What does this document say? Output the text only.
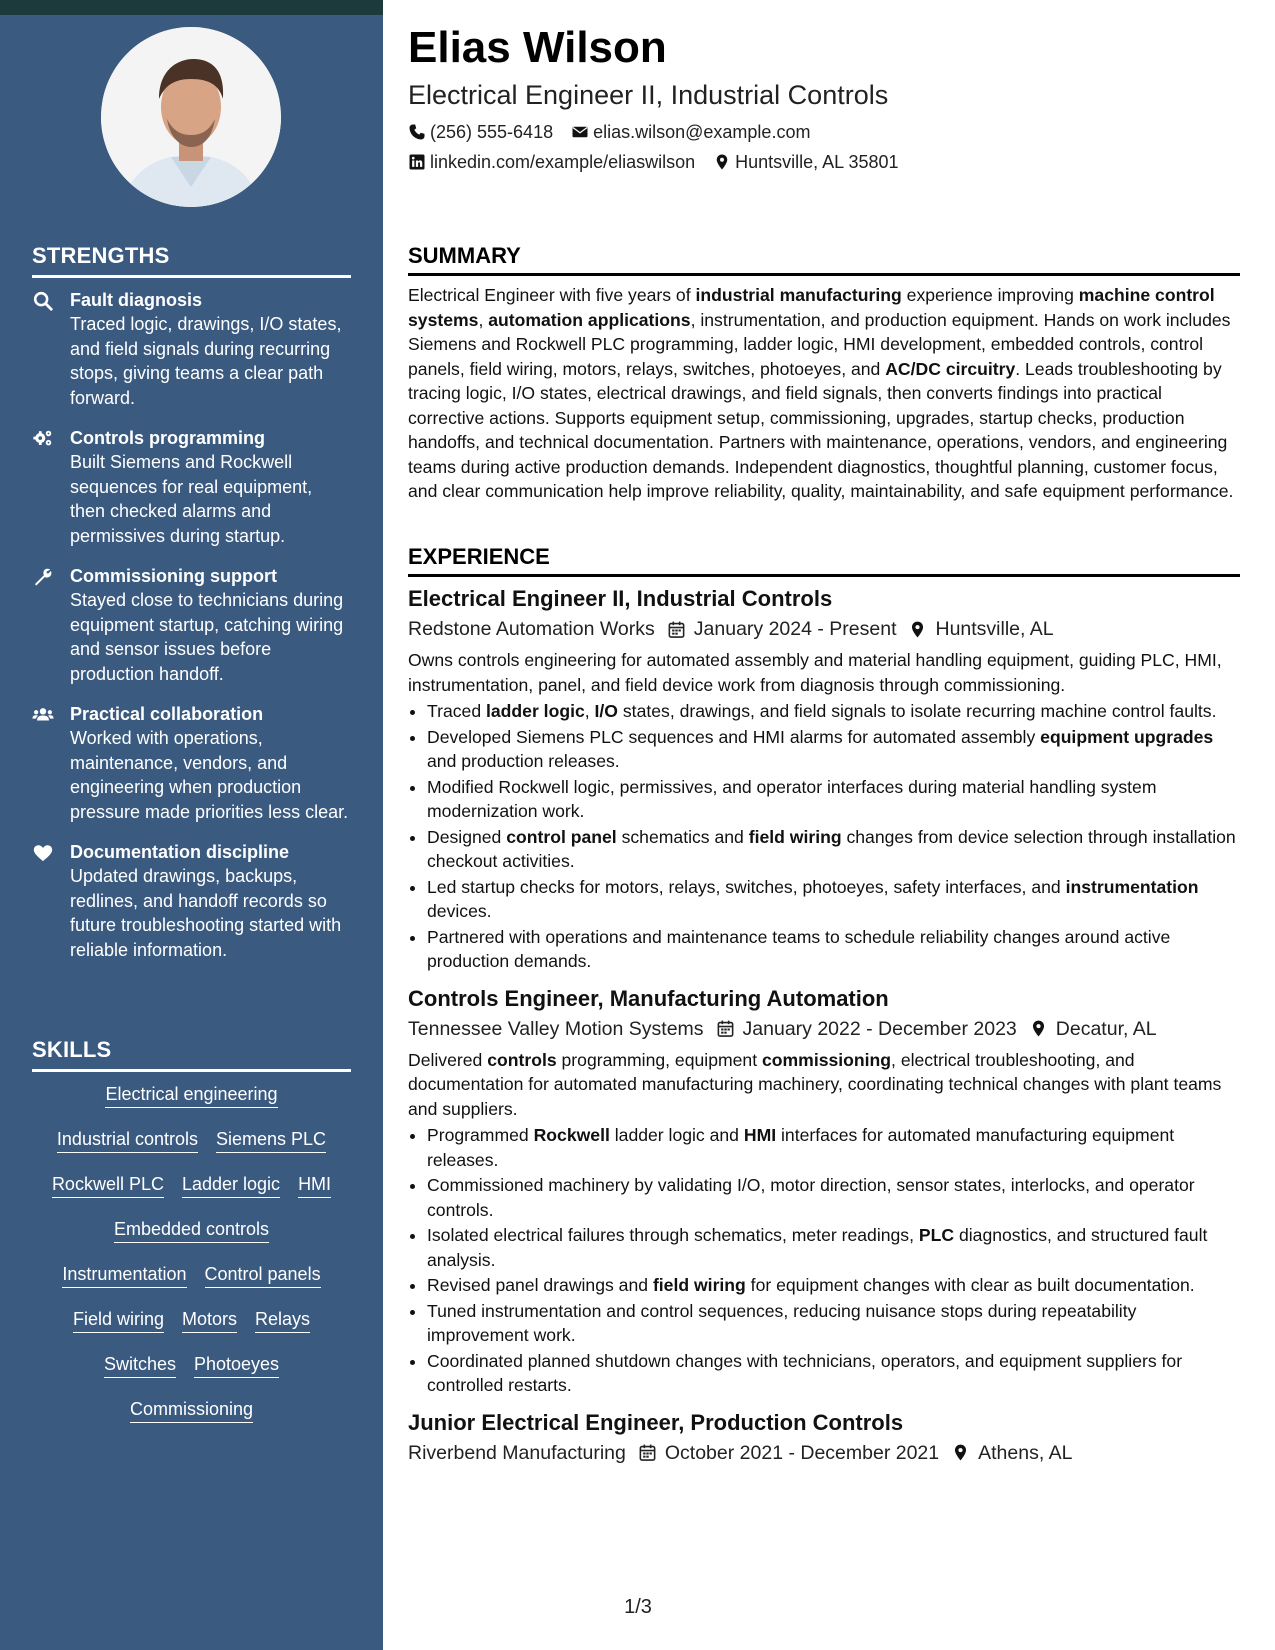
STRENGTHS
Fault diagnosis
Traced logic, drawings, I/O states, and field signals during recurring stops, giving teams a clear path forward.
Controls programming
Built Siemens and Rockwell sequences for real equipment, then checked alarms and permissives during startup.
Commissioning support
Stayed close to technicians during equipment startup, catching wiring and sensor issues before production handoff.
Practical collaboration
Worked with operations, maintenance, vendors, and engineering when production pressure made priorities less clear.
Documentation discipline
Updated drawings, backups, redlines, and handoff records so future troubleshooting started with reliable information.
SKILLS
Electrical engineering
Industrial controls Siemens PLC
Rockwell PLC Ladder logic HMI
Embedded controls
Instrumentation Control panels
Field wiring Motors Relays
Switches Photoeyes
Commissioning
Elias Wilson
Electrical Engineer II, Industrial Controls
(256) 555-6418 elias.wilson@example.com
linkedin.com/example/eliaswilson Huntsville, AL 35801
SUMMARY
Electrical Engineer with five years of industrial manufacturing experience improving machine control systems, automation applications, instrumentation, and production equipment. Hands on work includes Siemens and Rockwell PLC programming, ladder logic, HMI development, embedded controls, control panels, field wiring, motors, relays, switches, photoeyes, and AC/DC circuitry. Leads troubleshooting by tracing logic, I/O states, electrical drawings, and field signals, then converts findings into practical corrective actions. Supports equipment setup, commissioning, upgrades, startup checks, production handoffs, and technical documentation. Partners with maintenance, operations, vendors, and engineering teams during active production demands. Independent diagnostics, thoughtful planning, customer focus, and clear communication help improve reliability, quality, maintainability, and safe equipment performance.
EXPERIENCE
Electrical Engineer II, Industrial Controls
Redstone Automation Works January 2024 - Present Huntsville, AL
Owns controls engineering for automated assembly and material handling equipment, guiding PLC, HMI, instrumentation, panel, and field device work from diagnosis through commissioning.
• Traced ladder logic, I/O states, drawings, and field signals to isolate recurring machine control faults.
• Developed Siemens PLC sequences and HMI alarms for automated assembly equipment upgrades and production releases.
• Modified Rockwell logic, permissives, and operator interfaces during material handling system modernization work.
• Designed control panel schematics and field wiring changes from device selection through installation checkout activities.
• Led startup checks for motors, relays, switches, photoeyes, safety interfaces, and instrumentation devices.
• Partnered with operations and maintenance teams to schedule reliability changes around active production demands.
Controls Engineer, Manufacturing Automation
Tennessee Valley Motion Systems January 2022 - December 2023 Decatur, AL
Delivered controls programming, equipment commissioning, electrical troubleshooting, and documentation for automated manufacturing machinery, coordinating technical changes with plant teams and suppliers.
• Programmed Rockwell ladder logic and HMI interfaces for automated manufacturing equipment releases.
• Commissioned machinery by validating I/O, motor direction, sensor states, interlocks, and operator controls.
• Isolated electrical failures through schematics, meter readings, PLC diagnostics, and structured fault analysis.
• Revised panel drawings and field wiring for equipment changes with clear as built documentation.
• Tuned instrumentation and control sequences, reducing nuisance stops during repeatability improvement work.
• Coordinated planned shutdown changes with technicians, operators, and equipment suppliers for controlled restarts.
Junior Electrical Engineer, Production Controls
Riverbend Manufacturing October 2021 - December 2021 Athens, AL
1/3
